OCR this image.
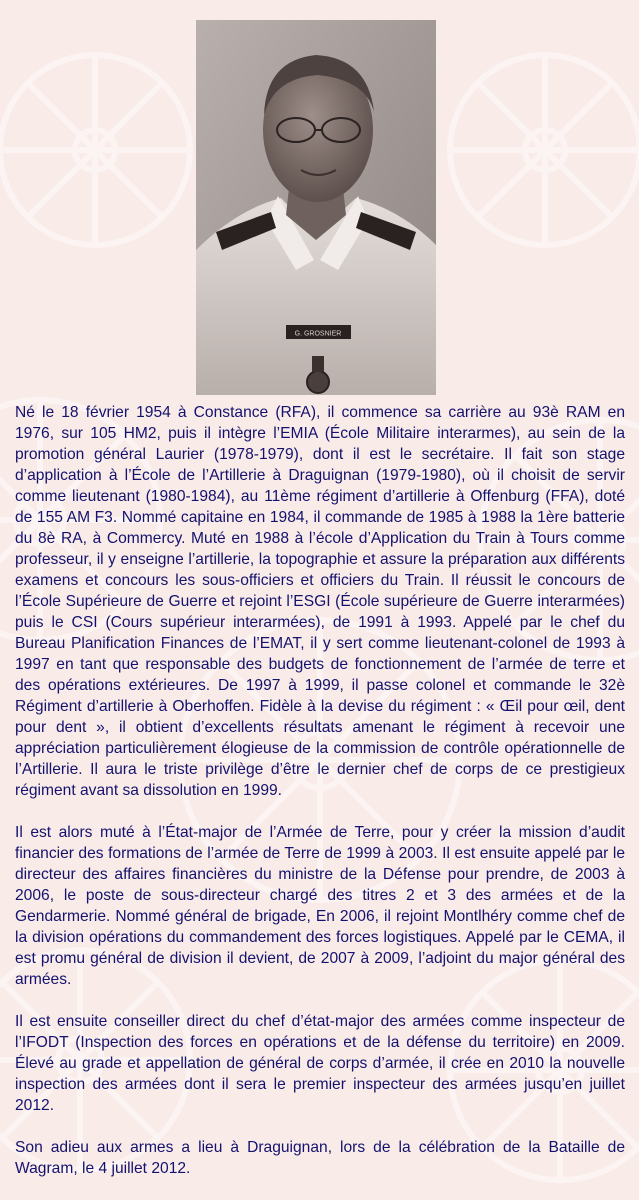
G. GROSNIER

Né le 18 février 1954 à Constance (RFA), il commence sa carrière au 93è RAM en 1976, sur 105 HM2, puis il intègre l’EMIA (École Militaire interarmes), au sein de la promotion général Laurier (1978-1979), dont il est le secrétaire. Il fait son stage d’application à l’École de l’Artillerie à Draguignan (1979-1980), où il choisit de servir comme lieutenant (1980-1984), au 11ème régiment d’artillerie à Offenburg (FFA), doté de 155 AM F3. Nommé capitaine en 1984, il commande de 1985 à 1988 la 1ère batterie du 8è RA, à Commercy. Muté en 1988 à l’école d’Application du Train à Tours comme professeur, il y enseigne l’artillerie, la topographie et assure la préparation aux différents examens et concours les sous-officiers et officiers du Train. Il réussit le concours de l’École Supérieure de Guerre et rejoint l’ESGI (École supérieure de Guerre interarmées) puis le CSI (Cours supérieur interarmées), de 1991 à 1993. Appelé par le chef du Bureau Planification Finances de l’EMAT, il y sert comme lieutenant-colonel de 1993 à 1997 en tant que responsable des budgets de fonctionnement de l’armée de terre et des opérations extérieures. De 1997 à 1999, il passe colonel et commande le 32è Régiment d’artillerie à Oberhoffen. Fidèle à la devise du régiment : « Œil pour œil, dent pour dent », il obtient d’excellents résultats amenant le régiment à recevoir une appréciation particulièrement élogieuse de la commission de contrôle opérationnelle de l’Artillerie. Il aura le triste privilège d’être le dernier chef de corps de ce prestigieux régiment avant sa dissolution en 1999.

Il est alors muté à l’État-major de l’Armée de Terre, pour y créer la mission d’audit financier des formations de l’armée de Terre de 1999 à 2003. Il est ensuite appelé par le directeur des affaires financières du ministre de la Défense pour prendre, de 2003 à 2006, le poste de sous-directeur chargé des titres 2 et 3 des armées et de la Gendarmerie. Nommé général de brigade, En 2006, il rejoint Montlhéry comme chef de la division opérations du commandement des forces logistiques. Appelé par le CEMA, il est promu général de division il devient, de 2007 à 2009, l’adjoint du major général des armées.

Il est ensuite conseiller direct du chef d’état-major des armées comme inspecteur de l’IFODT (Inspection des forces en opérations et de la défense du territoire) en 2009. Élevé au grade et appellation de général de corps d’armée, il crée en 2010 la nouvelle inspection des armées dont il sera le premier inspecteur des armées jusqu’en juillet 2012.

Son adieu aux armes a lieu à Draguignan, lors de la célébration de la Bataille de Wagram, le 4 juillet 2012.
